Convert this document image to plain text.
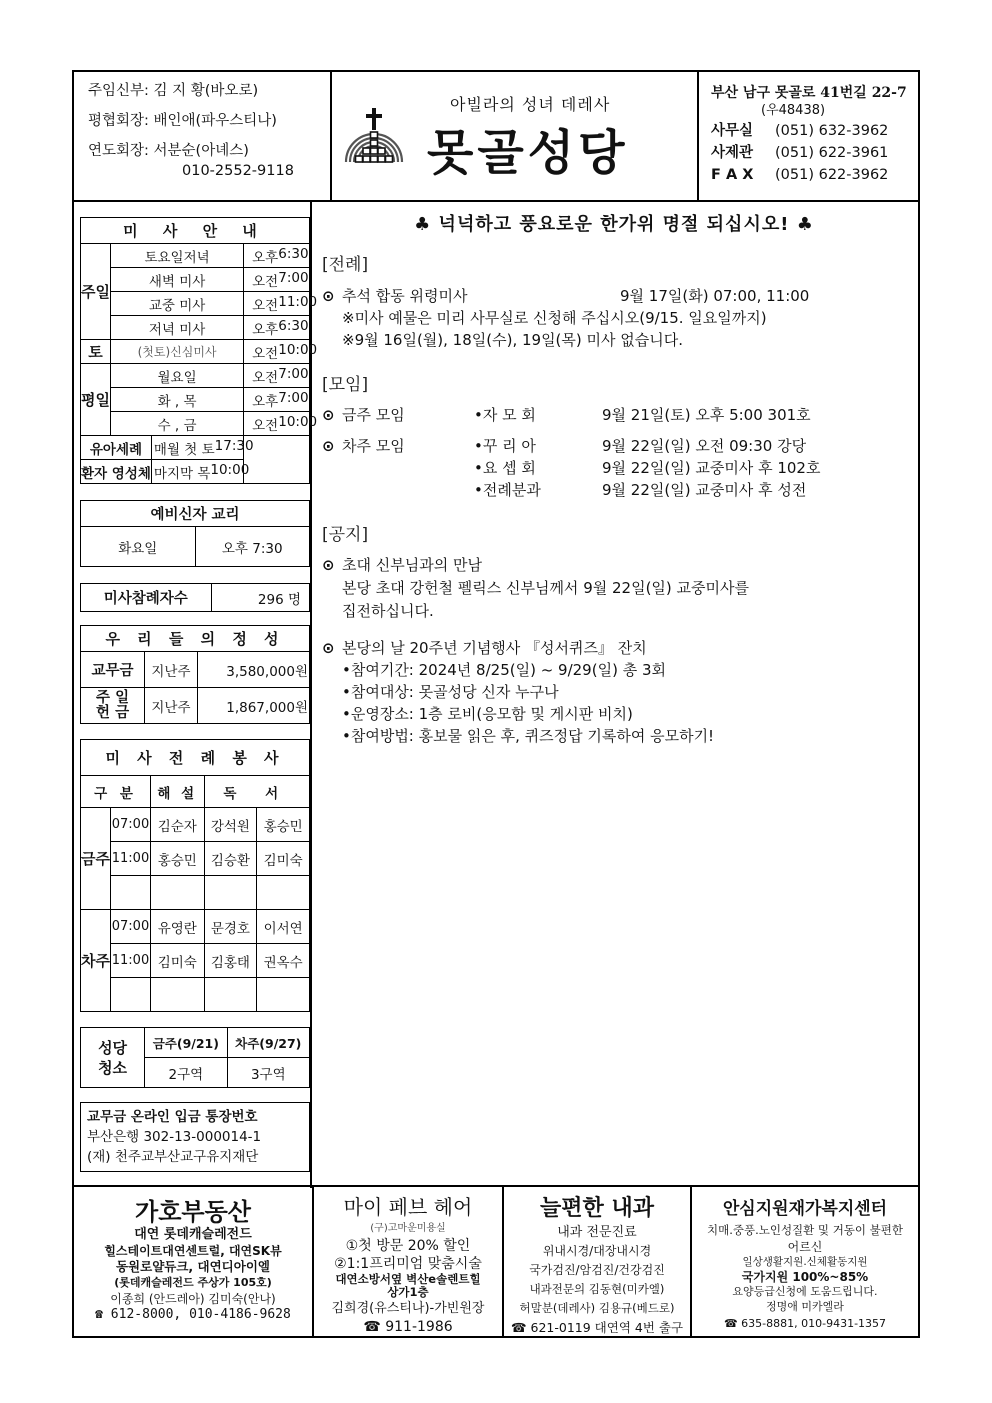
주임신부: 김 지 황(바오로)
평협회장: 배인애(파우스티나)
연도회장: 서분순(아녜스)
010-2552-9118
아빌라의 성녀 데레사
못골성당
부산 남구 못골로 41번길 22-7
(우48438)
사무실 (051) 632-3962
사제관 (051) 622-3961
F A X (051) 622-3962
미 사 안 내			
주일	토요일저녁		오후 6:30
	새벽 미사		오전 7:00
	교중 미사		오전 11:00
	저녁 미사		오후 6:30
토	(첫토)신심미사		오전 10:00
평일	월요일		오전 7:00
	화 , 목		오후 7:00
	수 , 금		오전 10:00
유아세례		매월 첫 토 17:30	
환자 영성체		마지막 목 10:00	
예비신자 교리
화요일	오후 7:30
미사참례자수	296 명
우 리 들 의 정 성		
교무금	지난주	3,580,000원

주 일
헌 금	지난주	1,867,000원
미 사 전 례 봉 사				
구 분		해 설	독 서	
금주	07:00	김순자	강석원	홍승민
	11:00	홍승민	김승환	김미숙

차주	07:00	유영란	문경호	이서연
	11:00	김미숙	김홍태	권옥수

성당
청소	금주(9/21)	차주(9/27)
	2구역	3구역
교무금 온라인 입금 통장번호
부산은행 302-13-000014-1
(재) 천주교부산교구유지재단
♣ 넉넉하고 풍요로운 한가위 명절 되십시오! ♣
[전례]
⊙ 추석 합동 위령미사	9월 17일(화) 07:00, 11:00
※미사 예물은 미리 사무실로 신청해 주십시오(9/15. 일요일까지)
※9월 16일(월), 18일(수), 19일(목) 미사 없습니다.
[모임]
⊙ 금주 모임	•자 모 회	9월 21일(토) 오후 5:00 301호
⊙ 차주 모임	•꾸 리 아	9월 22일(일) 오전 09:30 강당
•요 셉 회	9월 22일(일) 교중미사 후 102호
•전례분과	9월 22일(일) 교중미사 후 성전
[공지]
⊙ 초대 신부님과의 만남
본당 초대 강헌철 펠릭스 신부님께서 9월 22일(일) 교중미사를
집전하십니다.
⊙ 본당의 날 20주년 기념행사 『성서퀴즈』 잔치
•참여기간: 2024년 8/25(일) ~ 9/29(일) 총 3회
•참여대상: 못골성당 신자 누구나
•운영장소: 1층 로비(응모함 및 게시판 비치)
•참여방법: 홍보물 읽은 후, 퀴즈정답 기록하여 응모하기!
가호부동산
대연 롯데캐슬레전드
힐스테이트대연센트럴, 대연SK뷰
동원로얄듀크, 대연디아이엘
(롯데캐슬레전드 주상가 105호)
이종희 (안드레아) 김미숙(안나)
☎ 612-8000, 010-4186-9628
마이 페브 헤어
(구)고마운미용실
①첫 방문 20% 할인
②1:1프리미엄 맞춤시술
대연소방서옆 벽산e솔렌트힐
상가1층
김희경(유스티나)-가빈원장
☎ 911-1986
늘편한 내과
내과 전문진료
위내시경/대장내시경
국가검진/암검진/건강검진
내과전문의 김동현(미카엘)
허말분(데레사) 김용규(베드로)
☎ 621-0119 대연역 4번 출구
안심지원재가복지센터
치매.중풍.노인성질환 및 거동이 불편한
어르신
일상생활지원.신체활동지원
국가지원 100%~85%
요양등급신청에 도움드립니다.
정명애 미카엘라
☎ 635-8881, 010-9431-1357
